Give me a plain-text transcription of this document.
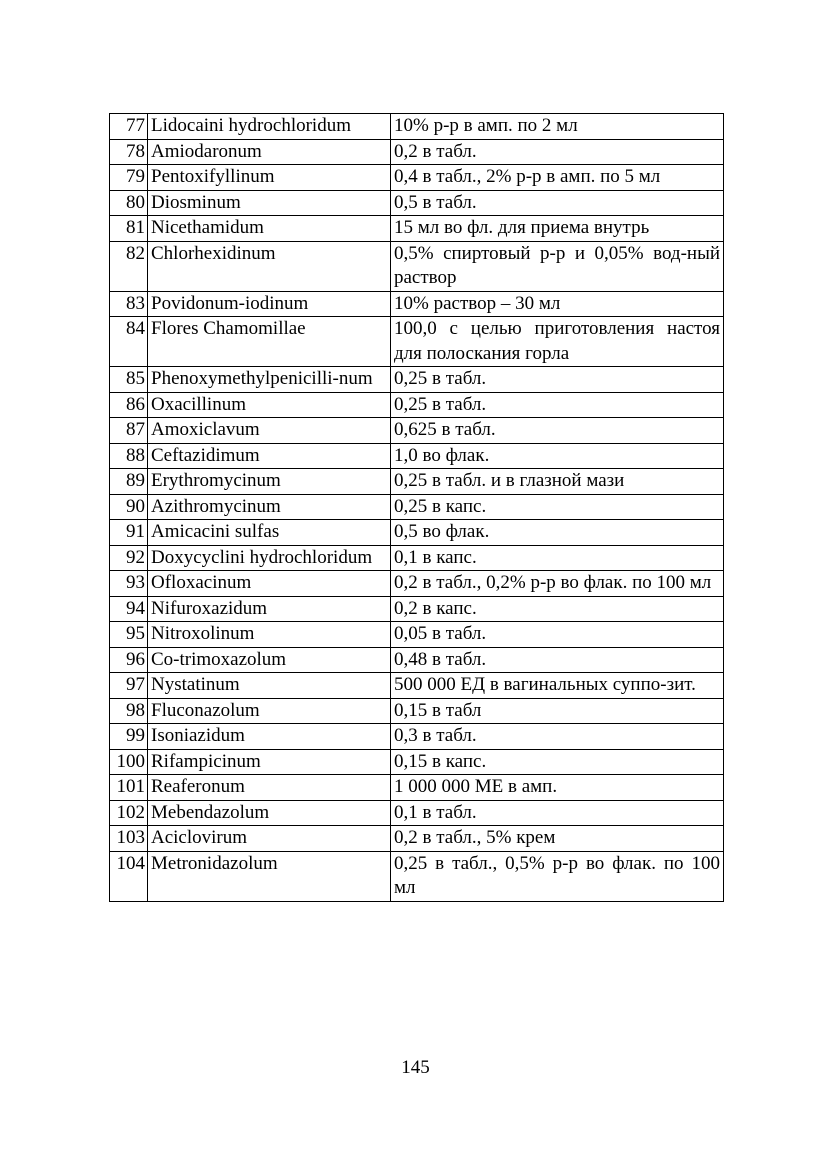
77	Lidocaini hydrochloridum	10% р-р в амп. по 2 мл
78	Amiodaronum	0,2 в табл.
79	Pentoxifyllinum	0,4 в табл., 2% р-р в амп. по 5 мл
80	Diosminum	0,5 в табл.
81	Nicethamidum	15 мл во фл. для приема внутрь
82	Chlorhexidinum	0,5% спиртовый р-р и 0,05% вод-ный раствор
83	Povidonum-iodinum	10% раствор – 30 мл
84	Flores Chamomillae	100,0 с целью приготовления настоя для полоскания горла
85	Phenoxymethylpenicilli-num	0,25 в табл.
86	Oxacillinum	0,25 в табл.
87	Amoxiclavum	0,625 в табл.
88	Ceftazidimum	1,0 во флак.
89	Erythromycinum	0,25 в табл. и в глазной мази
90	Azithromycinum	0,25 в капс.
91	Amicacini sulfas	0,5 во флак.
92	Doxycyclini hydrochloridum	0,1 в капс.
93	Ofloxacinum	0,2 в табл., 0,2% р-р во флак. по 100 мл
94	Nifuroxazidum	0,2 в капс.
95	Nitroxolinum	0,05 в табл.
96	Co-trimoxazolum	0,48 в табл.
97	Nystatinum	500 000 ЕД в вагинальных суппо-зит.
98	Fluconazolum	0,15 в табл
99	Isoniazidum	0,3 в табл.
100	Rifampicinum	0,15 в капс.
101	Reaferonum	1 000 000 МЕ в амп.
102	Mebendazolum	0,1 в табл.
103	Aciclovirum	0,2 в табл., 5% крем
104	Metronidazolum	0,25 в табл., 0,5% р-р во флак. по 100 мл
145
